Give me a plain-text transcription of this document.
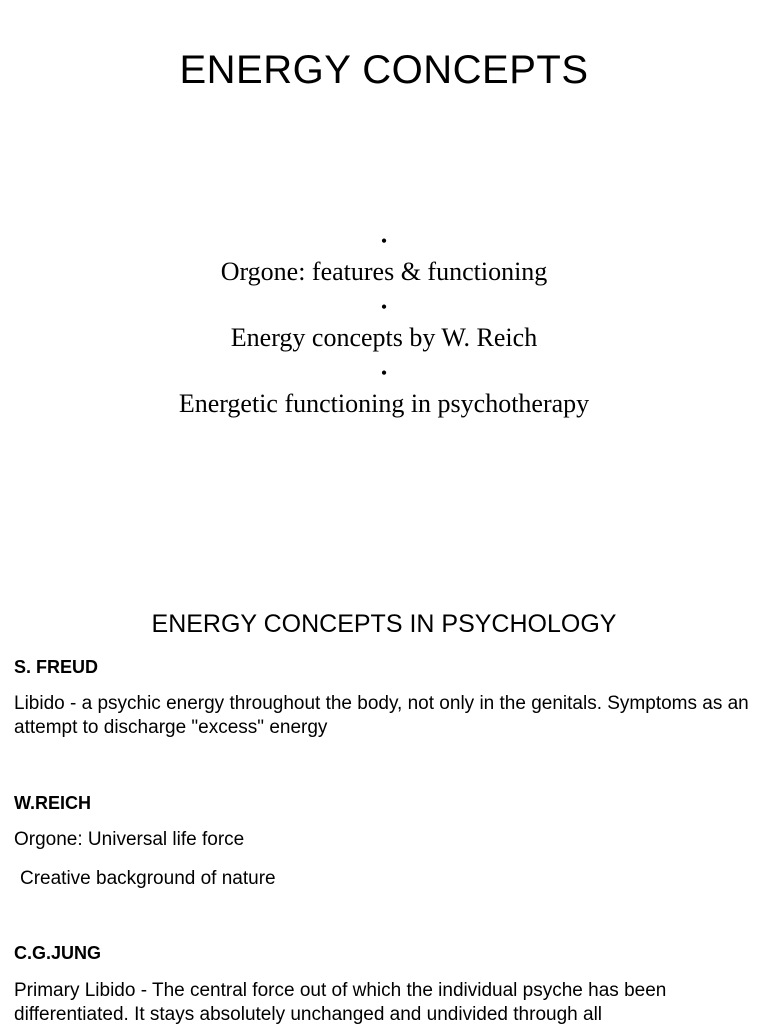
ENERGY CONCEPTS
•
Orgone: features & functioning
•
Energy concepts by W. Reich
•
Energetic functioning in psychotherapy
ENERGY CONCEPTS IN PSYCHOLOGY
S. FREUD
Libido - a psychic energy throughout the body, not only in the genitals. Symptoms as an attempt to discharge "excess" energy
W.REICH
Orgone: Universal life force
Creative background of nature
C.G.JUNG
Primary Libido - The central force out of which the individual psyche has been differentiated. It stays absolutely unchanged and undivided through all
